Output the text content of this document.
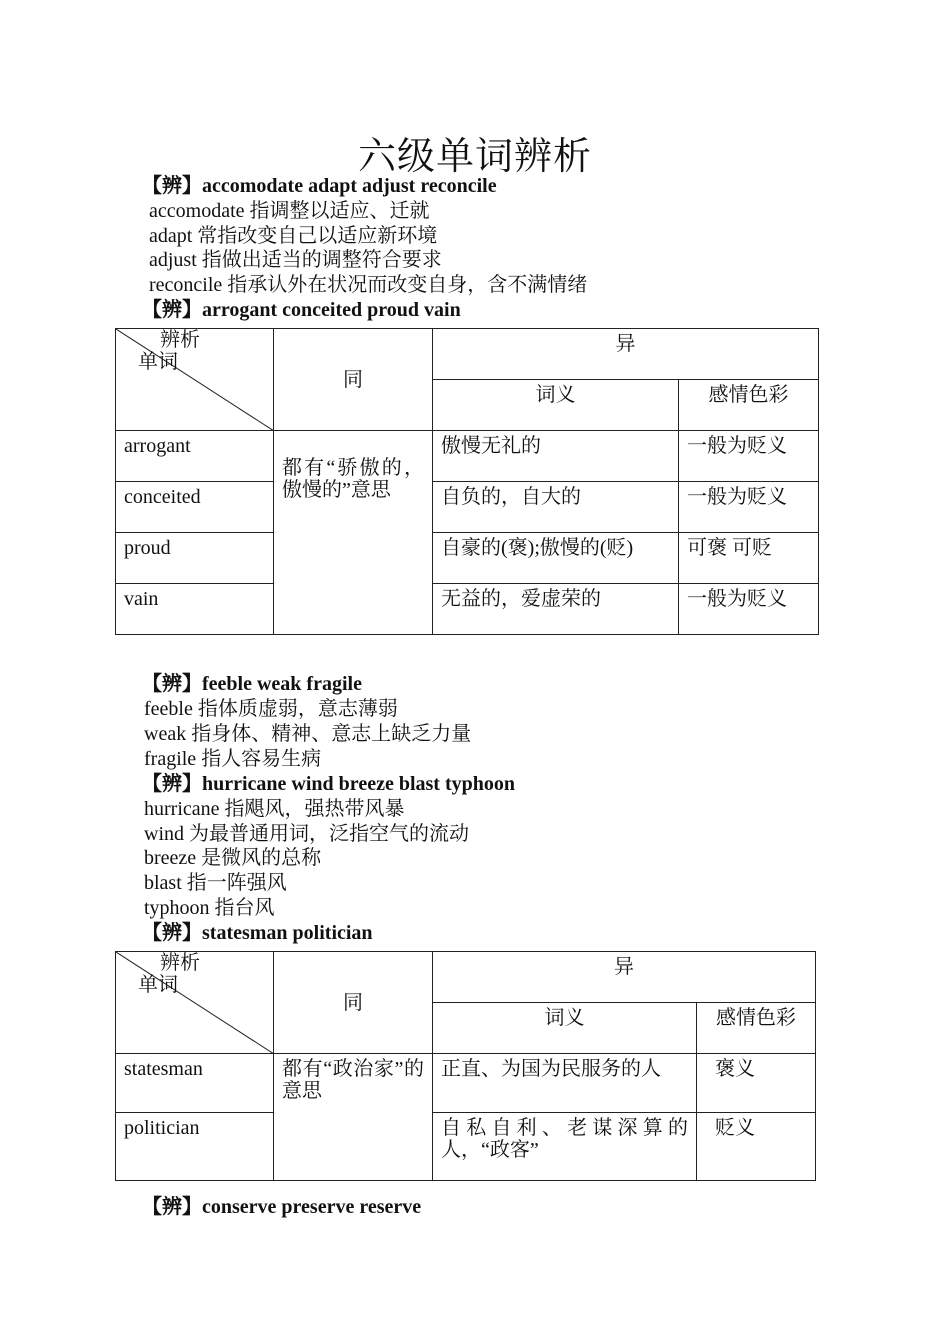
六级单词辨析
【辨】accomodate adapt adjust reconcile
accomodate 指调整以适应、迁就
adapt 常指改变自己以适应新环境
adjust 指做出适当的调整符合要求
reconcile 指承认外在状况而改变自身，含不满情绪
【辨】arrogant conceited proud vain
辨析
单词	同	异	

		词义	感情色彩

arrogant	都有“骄傲的，傲慢的”意思	傲慢无礼的	一般为贬义

conceited		自负的，自大的	一般为贬义

proud		自豪的(褒);傲慢的(贬)	可褒 可贬

vain		无益的，爱虚荣的	一般为贬义
【辨】feeble weak fragile
feeble 指体质虚弱，意志薄弱
weak 指身体、精神、意志上缺乏力量
fragile 指人容易生病
【辨】hurricane wind breeze blast typhoon
hurricane 指飓风，强热带风暴
wind 为最普通用词，泛指空气的流动
breeze 是微风的总称
blast 指一阵强风
typhoon 指台风
【辨】statesman politician
辨析
单词	同	异	

		词义	感情色彩

statesman	都有“政治家”的意思	正直、为国为民服务的人	褒义

politician		自私自利、老谋深算的人，“政客”	贬义
【辨】conserve preserve reserve
